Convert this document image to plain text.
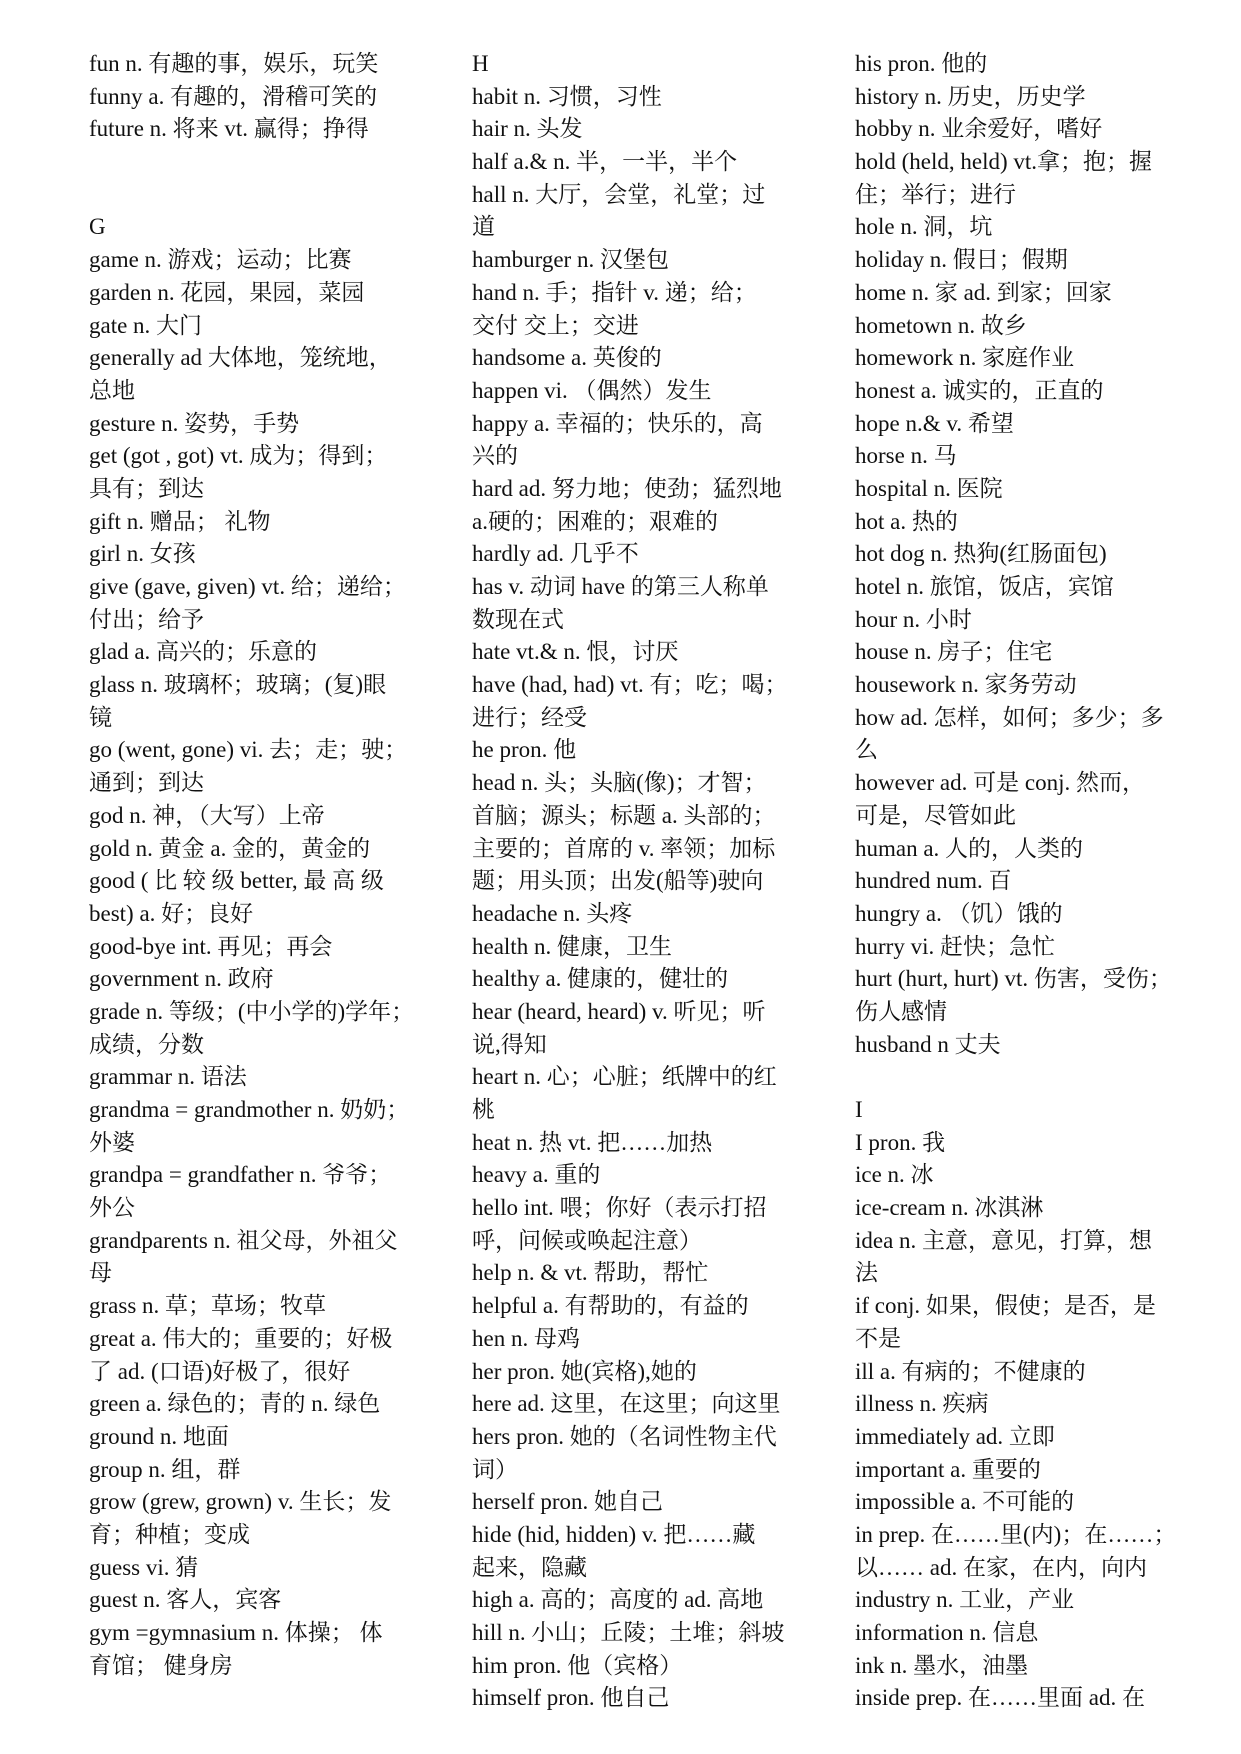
fun n. 有趣的事，娱乐，玩笑
funny a. 有趣的，滑稽可笑的
future n. 将来 vt. 赢得；挣得
G
game n. 游戏；运动；比赛
garden n. 花园，果园，菜园
gate n. 大门
generally ad 大体地，笼统地，
总地
gesture n. 姿势，手势
get (got , got) vt. 成为；得到；
具有；到达
gift n. 赠品； 礼物
girl n. 女孩
give (gave, given) vt. 给；递给；
付出；给予
glad a. 高兴的；乐意的
glass n. 玻璃杯；玻璃；(复)眼
镜
go (went, gone) vi. 去；走；驶；
通到；到达
god n. 神，（大写）上帝
gold n. 黄金 a. 金的，黄金的
good ( 比 较 级 better, 最 高 级
best) a. 好；良好
good-bye int. 再见；再会
government n. 政府
grade n. 等级；(中小学的)学年；
成绩，分数
grammar n. 语法
grandma = grandmother n. 奶奶；
外婆
grandpa = grandfather n. 爷爷；
外公
grandparents n. 祖父母，外祖父
母
grass n. 草；草场；牧草
great a. 伟大的；重要的；好极
了 ad. (口语)好极了，很好
green a. 绿色的；青的 n. 绿色
ground n. 地面
group n. 组，群
grow (grew, grown) v. 生长；发
育；种植；变成
guess vi. 猜
guest n. 客人，宾客
gym =gymnasium n. 体操； 体
育馆； 健身房
H
habit n. 习惯，习性
hair n. 头发
half a.& n. 半，一半，半个
hall n. 大厅，会堂，礼堂；过
道
hamburger n. 汉堡包
hand n. 手；指针 v. 递；给；
交付 交上；交进
handsome a. 英俊的
happen vi. （偶然）发生
happy a. 幸福的；快乐的，高
兴的
hard ad. 努力地；使劲；猛烈地
a.硬的；困难的；艰难的
hardly ad. 几乎不
has v. 动词 have 的第三人称单
数现在式
hate vt.& n. 恨，讨厌
have (had, had) vt. 有；吃；喝；
进行；经受
he pron. 他
head n. 头；头脑(像)；才智；
首脑；源头；标题 a. 头部的；
主要的；首席的 v. 率领；加标
题；用头顶；出发(船等)驶向
headache n. 头疼
health n. 健康，卫生
healthy a. 健康的，健壮的
hear (heard, heard) v. 听见；听
说,得知
heart n. 心；心脏；纸牌中的红
桃
heat n. 热 vt. 把……加热
heavy a. 重的
hello int. 喂；你好（表示打招
呼，问候或唤起注意）
help n. & vt. 帮助，帮忙
helpful a. 有帮助的，有益的
hen n. 母鸡
her pron. 她(宾格),她的
here ad. 这里，在这里；向这里
hers pron. 她的（名词性物主代
词）
herself pron. 她自己
hide (hid, hidden) v. 把……藏
起来，隐藏
high a. 高的；高度的 ad. 高地
hill n. 小山；丘陵；土堆；斜坡
him pron. 他（宾格）
himself pron. 他自己
his pron. 他的
history n. 历史，历史学
hobby n. 业余爱好，嗜好
hold (held, held) vt.拿；抱；握
住；举行；进行
hole n. 洞，坑
holiday n. 假日；假期
home n. 家 ad. 到家；回家
hometown n. 故乡
homework n. 家庭作业
honest a. 诚实的，正直的
hope n.& v. 希望
horse n. 马
hospital n. 医院
hot a. 热的
hot dog n. 热狗(红肠面包)
hotel n. 旅馆，饭店，宾馆
hour n. 小时
house n. 房子；住宅
housework n. 家务劳动
how ad. 怎样，如何；多少；多
么
however ad. 可是 conj. 然而，
可是，尽管如此
human a. 人的，人类的
hundred num. 百
hungry a. （饥）饿的
hurry vi. 赶快；急忙
hurt (hurt, hurt) vt. 伤害，受伤；
伤人感情
husband n 丈夫
I
I pron. 我
ice n. 冰
ice-cream n. 冰淇淋
idea n. 主意，意见，打算，想
法
if conj. 如果，假使；是否，是
不是
ill a. 有病的；不健康的
illness n. 疾病
immediately ad. 立即
important a. 重要的
impossible a. 不可能的
in prep. 在……里(内)；在……；
以…… ad. 在家，在内，向内
industry n. 工业，产业
information n. 信息
ink n. 墨水，油墨
inside prep. 在……里面 ad. 在
